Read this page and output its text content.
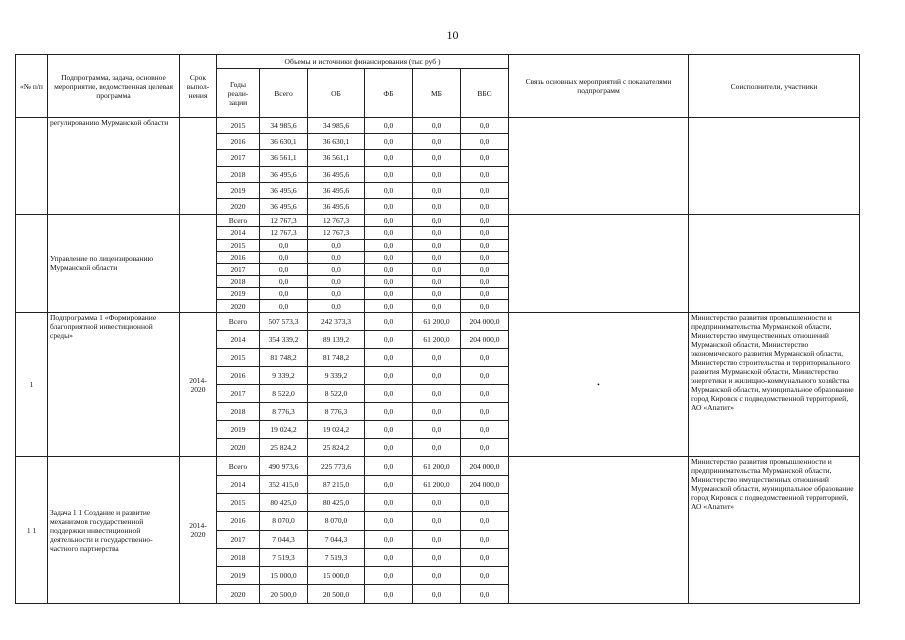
10
«№ п/п	Подпрограмма, задача, основное мероприятие, ведомственная целевая программа	Срок выпол-нения	Объемы и источники финансирования (тыс руб )						Связь основных мероприятий с показателями подпрограмм	Соисполнители, участники
			Годы реали-зации	Всего	ОБ	ФБ	МБ	ВБС		
	регулированию Мурманской области		2015	34 985,6	34 985,6	0,0	0,0	0,0		
			2016	36 630,1	36 630,1	0,0	0,0	0,0		
			2017	36 561,1	36 561,1	0,0	0,0	0,0		
			2018	36 495,6	36 495,6	0,0	0,0	0,0		
			2019	36 495,6	36 495,6	0,0	0,0	0,0		
			2020	36 495,6	36 495,6	0,0	0,0	0,0		
	Управление по лицензированию Мурманской области		Всего	12 767,3	12 767,3	0,0	0,0	0,0		
			2014	12 767,3	12 767,3	0,0	0,0	0,0		
			2015	0,0	0,0	0,0	0,0	0,0		
			2016	0,0	0,0	0,0	0,0	0,0		
			2017	0,0	0,0	0,0	0,0	0,0		
			2018	0,0	0,0	0,0	0,0	0,0		
			2019	0,0	0,0	0,0	0,0	0,0		
			2020	0,0	0,0	0,0	0,0	0,0		
1	Подпрограмма 1 «Формирование благоприятной инвестиционной среды»	2014-2020	Всего	507 573,3	242 373,3	0,0	61 200,0	204 000,0	•	Министерство развития промышленности и предпринимательства Мурманской области, Министерство имущественных отношений Мурманской области, Министерство экономического развития Мурманской области, Министерство строительства и территориального развития Мурманской области, Министерство энергетики и жилищно-коммунального хозяйства Мурманской области, муниципальное образование город Кировск с подведомственной территорией, АО «Апатит»
			2014	354 339,2	89 139,2	0,0	61 200,0	204 000,0		
			2015	81 748,2	81 748,2	0,0	0,0	0,0		
			2016	9 339,2	9 339,2	0,0	0,0	0,0		
			2017	8 522,0	8 522,0	0,0	0,0	0,0		
			2018	8 776,3	8 776,3	0,0	0,0	0,0		
			2019	19 024,2	19 024,2	0,0	0,0	0,0		
			2020	25 824,2	25 824,2	0,0	0,0	0,0		
1 1	Задача 1 1 Создание и развитие механизмов государственной поддержки инвестиционной деятельности и государственно-частного партнерства	2014-2020	Всего	490 973,6	225 773,6	0,0	61 200,0	204 000,0		Министерство развития промышленности и предпринимательства Мурманской области, Министерство имущественных отношений Мурманской области, муниципальное образование город Кировск с подведомственной территорией, АО «Апатит»
			2014	352 415,0	87 215,0	0,0	61 200,0	204 000,0		
			2015	80 425,0	80 425,0	0,0	0,0	0,0		
			2016	8 070,0	8 070,0	0,0	0,0	0,0		
			2017	7 044,3	7 044,3	0,0	0,0	0,0		
			2018	7 519,3	7 519,3	0,0	0,0	0,0		
			2019	15 000,0	15 000,0	0,0	0,0	0,0		
			2020	20 500,0	20 500,0	0,0	0,0	0,0		
